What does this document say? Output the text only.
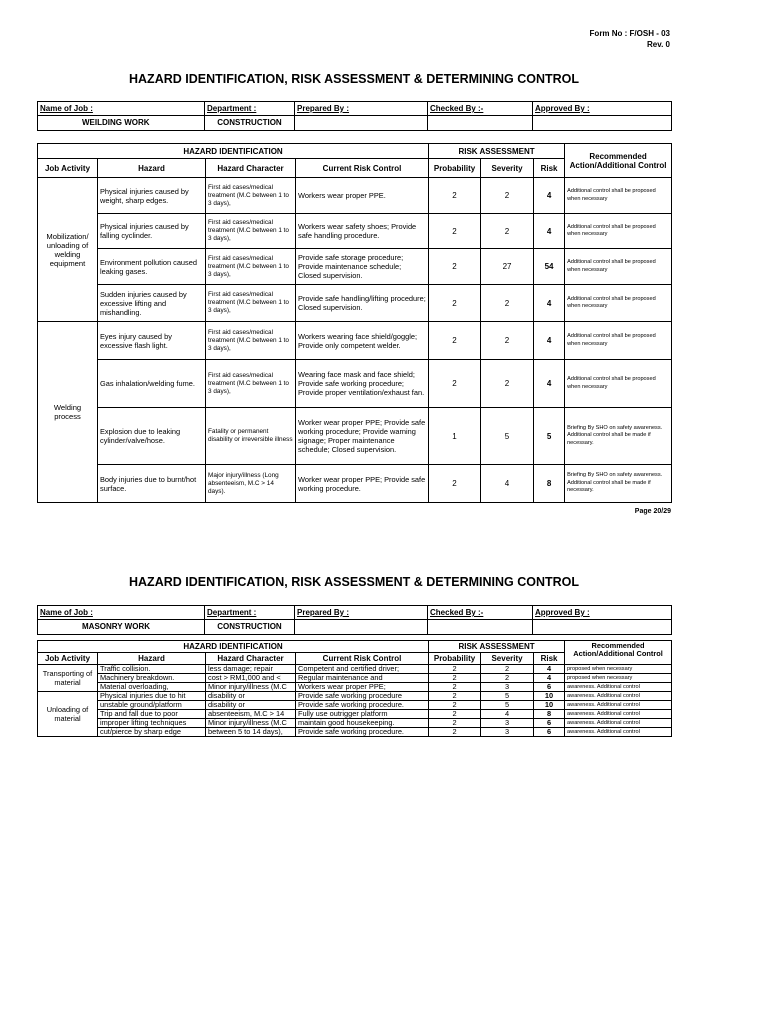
Form No : F/OSH - 03
Rev. 0
HAZARD IDENTIFICATION, RISK ASSESSMENT & DETERMINING CONTROL
Name of Job :
WEILDING WORK

Department :
CONSTRUCTION

Prepared By :	Checked By :-	Approved By :
HAZARD IDENTIFICATION				RISK ASSESSMENT			Recommended Action/Additional Control
Job Activity	Hazard	Hazard Character	Current Risk Control	Probability	Severity	Risk	
Mobilization/ unloading of welding equipment	Physical injuries caused by weight, sharp edges.	First aid cases/medical treatment (M.C between 1 to 3 days),	Workers wear proper PPE.	2	2	4	Additional control shall be proposed when necessary
	Physical injuries caused by falling cyclinder.	First aid cases/medical treatment (M.C between 1 to 3 days),	Workers wear safety shoes; Provide safe handling procedure.	2	2	4	Additional control shall be proposed when necessary
	Environment pollution caused leaking gases.	First aid cases/medical treatment (M.C between 1 to 3 days),	Provide safe storage procedure; Provide maintenance schedule; Closed supervision.	2	27	54	Additional control shall be proposed when necessary
	Sudden injuries caused by excessive lifting and mishandling.	First aid cases/medical treatment (M.C between 1 to 3 days),	Provide safe handling/lifting procedure; Closed supervision.	2	2	4	Additional control shall be proposed when necessary
Welding process	Eyes injury caused by excessive flash light.	First aid cases/medical treatment (M.C between 1 to 3 days),	Workers wearing face shield/goggle; Provide only competent welder.	2	2	4	Additional control shall be proposed when necessary
	Gas inhalation/welding fume.	First aid cases/medical treatment (M.C between 1 to 3 days),	Wearing face mask and face shield; Provide safe working procedure; Provide proper ventilation/exhaust fan.	2	2	4	Additional control shall be proposed when necessary
	Explosion due to leaking cylinder/valve/hose.	Fatality or permanent disability or irreversible illness	Worker wear proper PPE; Provide safe working procedure; Provide warning signage; Proper maintenance schedule; Closed supervision.	1	5	5	Briefing By SHO on safety awareness. Additional control shall be made if necessary.
	Body injuries due to burnt/hot surface.	Major injury/illness (Long absenteeism, M.C > 14 days).	Worker wear proper PPE; Provide safe working procedure.	2	4	8	Briefing By SHO on safety awareness. Additional control shall be made if necessary.
Page 20/29
HAZARD IDENTIFICATION, RISK ASSESSMENT & DETERMINING CONTROL
Name of Job :
MASONRY WORK

Department :
CONSTRUCTION

Prepared By :	Checked By :-	Approved By :
HAZARD IDENTIFICATION				RISK ASSESSMENT			Recommended Action/Additional Control

Job Activity	Hazard	Hazard Character	Current Risk Control	Probability	Severity	Risk	
Transporting of material	Traffic collision.	less damage; repair	Competent and certified driver;	2	2	4	proposed when necessary

	Machinery breakdown.	cost > RM1,000 and <	Regular maintenance and	2	2	4	proposed when necessary

	Material overloading,	Minor injury/illness (M.C	Workers wear proper PPE;	2	3	6	awareness. Additional control

Unloading of material	Physical injuries due to hit	disability or	Provide safe working procedure	2	5	10	awareness. Additional control

	unstable ground/platform	disability or	Provide safe working procedure.	2	5	10	awareness. Additional control

	Trip and fall due to poor	absenteeism, M.C > 14	Fully use outrigger platform	2	4	8	awareness. Additional control

	improper lifting techniques	Minor injury/illness (M.C	maintain good housekeeping.	2	3	6	awareness. Additional control

	cut/pierce by sharp edge	between 5 to 14 days),	Provide safe working procedure.	2	3	6	awareness. Additional control
